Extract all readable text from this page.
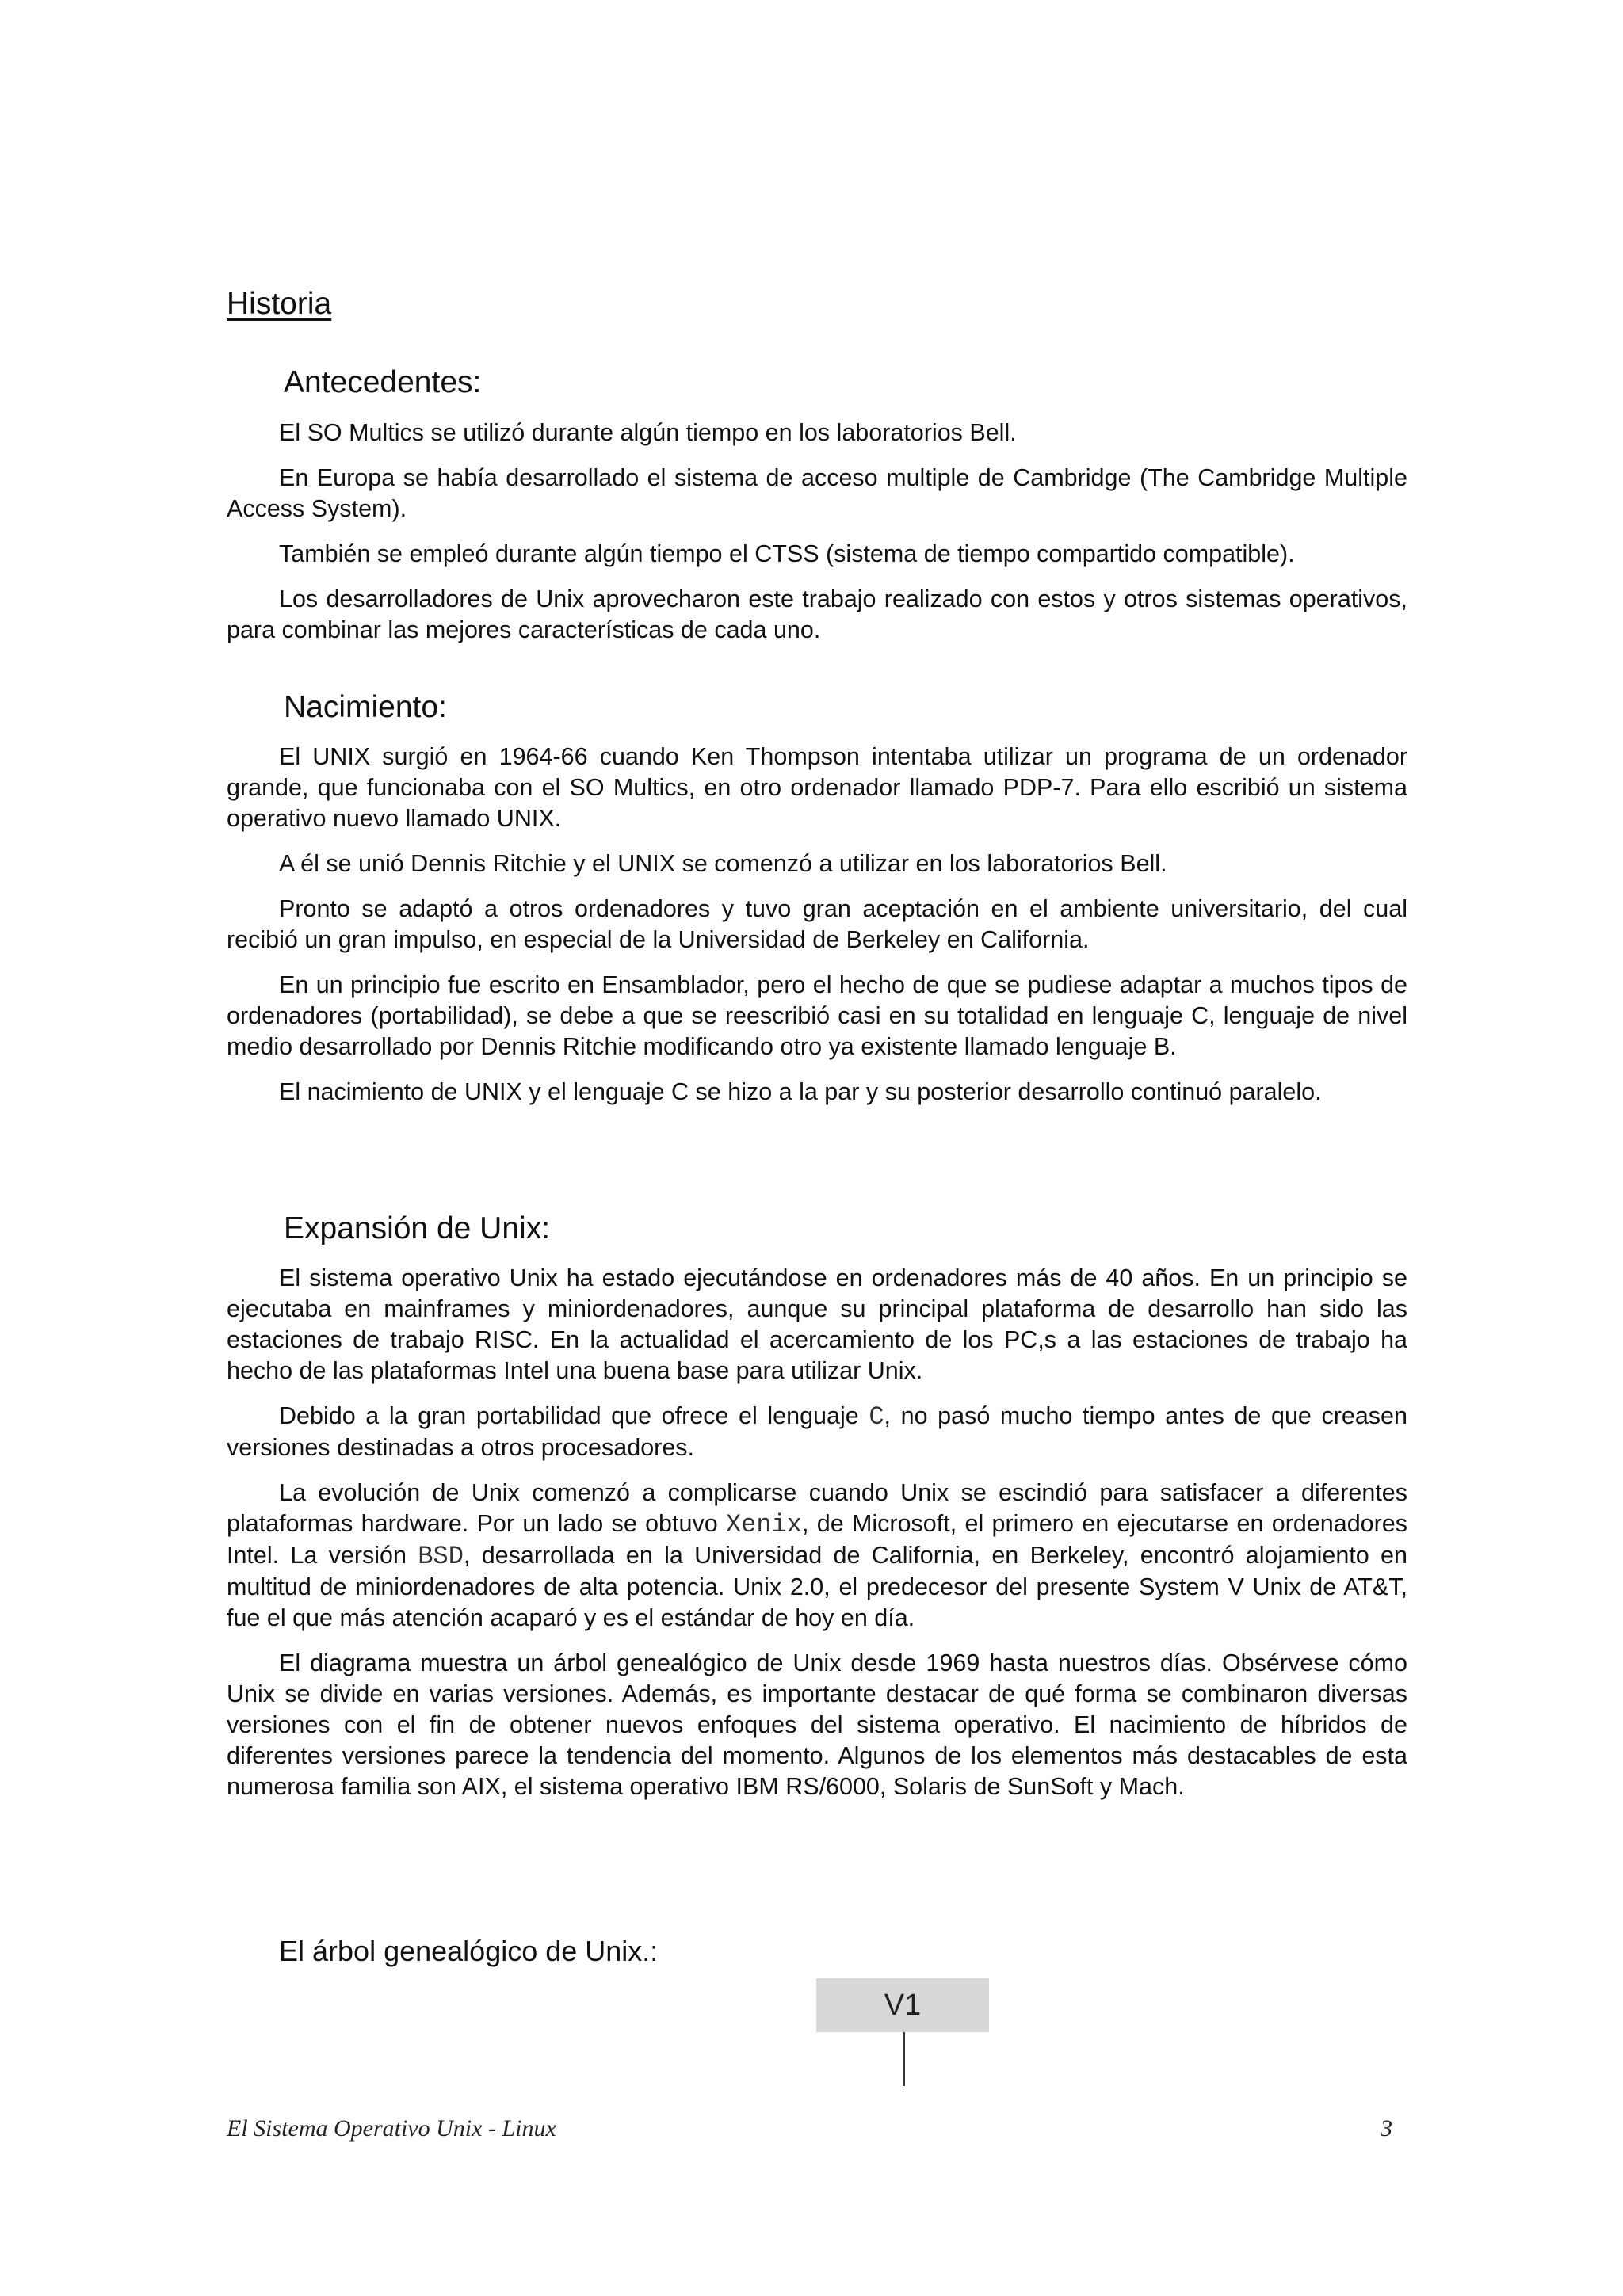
Historia
Antecedentes:

El SO Multics se utilizó durante algún tiempo en los laboratorios Bell.

En Europa se había desarrollado el sistema de acceso multiple de Cambridge (The Cambridge Multiple Access System).

También se empleó durante algún tiempo el CTSS (sistema de tiempo compartido compatible).

Los desarrolladores de Unix aprovecharon este trabajo realizado con estos y otros sistemas operativos, para combinar las mejores características de cada uno.

Nacimiento:

El UNIX surgió en 1964-66 cuando Ken Thompson intentaba utilizar un programa de un ordenador grande, que funcionaba con el SO Multics, en otro ordenador llamado PDP-7. Para ello escribió un sistema operativo nuevo llamado UNIX.

A él se unió Dennis Ritchie y el UNIX se comenzó a utilizar en los laboratorios Bell.

Pronto se adaptó a otros ordenadores y tuvo gran aceptación en el ambiente universitario, del cual recibió un gran impulso, en especial de la Universidad de Berkeley en California.

En un principio fue escrito en Ensamblador, pero el hecho de que se pudiese adaptar a muchos tipos de ordenadores (portabilidad), se debe a que se reescribió casi en su totalidad en lenguaje C, lenguaje de nivel medio desarrollado por Dennis Ritchie modificando otro ya existente llamado lenguaje B.

El nacimiento de UNIX y el lenguaje C se hizo a la par y su posterior desarrollo continuó paralelo.

Expansión de Unix:

El sistema operativo Unix ha estado ejecutándose en ordenadores más de 40 años. En un principio se ejecutaba en mainframes y miniordenadores, aunque su principal plataforma de desarrollo han sido las estaciones de trabajo RISC. En la actualidad el acercamiento de los PC,s a las estaciones de trabajo ha hecho de las plataformas Intel una buena base para utilizar Unix.

Debido a la gran portabilidad que ofrece el lenguaje C, no pasó mucho tiempo antes de que creasen versiones destinadas a otros procesadores.

La evolución de Unix comenzó a complicarse cuando Unix se escindió para satisfacer a diferentes plataformas hardware. Por un lado se obtuvo Xenix, de Microsoft, el primero en ejecutarse en ordenadores Intel. La versión BSD, desarrollada en la Universidad de California, en Berkeley, encontró alojamiento en multitud de miniordenadores de alta potencia. Unix 2.0, el predecesor del presente System V Unix de AT&T, fue el que más atención acaparó y es el estándar de hoy en día.

El diagrama muestra un árbol genealógico de Unix desde 1969 hasta nuestros días. Obsérvese cómo Unix se divide en varias versiones. Además, es importante destacar de qué forma se combinaron diversas versiones con el fin de obtener nuevos enfoques del sistema operativo. El nacimiento de híbridos de diferentes versiones parece la tendencia del momento. Algunos de los elementos más destacables de esta numerosa familia son AIX, el sistema operativo IBM RS/6000, Solaris de SunSoft y Mach.

El árbol genealógico de Unix.:
V1
El Sistema Operativo Unix - Linux	3
